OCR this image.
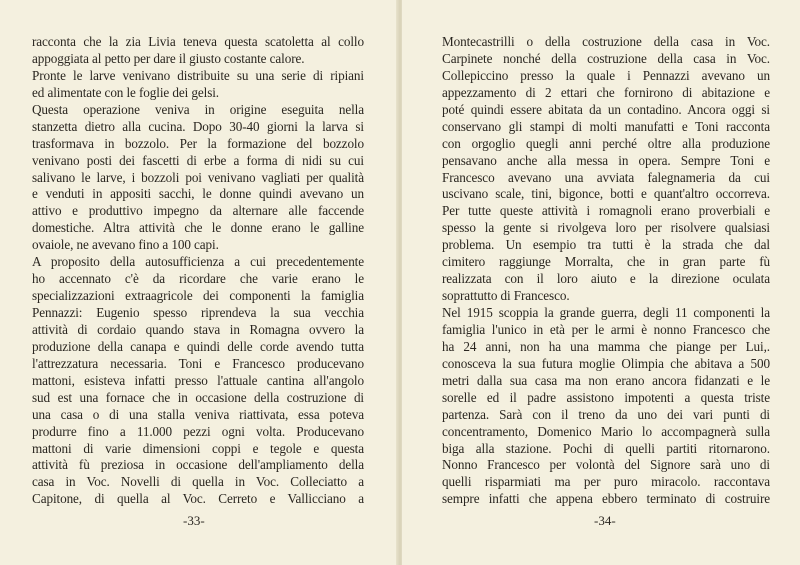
racconta che la zia Livia teneva questa scatoletta al collo
appoggiata al petto per dare il giusto costante calore.
Pronte le larve venivano distribuite su una serie di ripiani
ed alimentate con le foglie dei gelsi.
Questa operazione veniva in origine eseguita nella
stanzetta dietro alla cucina. Dopo 30-40 giorni la larva si
trasformava in bozzolo. Per la formazione del bozzolo
venivano posti dei fascetti di erbe a forma di nidi su cui
salivano le larve, i bozzoli poi venivano vagliati per qualità
e venduti in appositi sacchi, le donne quindi avevano un
attivo e produttivo impegno da alternare alle faccende
domestiche. Altra attività che le donne erano le galline
ovaiole, ne avevano fino a 100 capi.
A proposito della autosufficienza a cui precedentemente
ho accennato c'è da ricordare che varie erano le
specializzazioni extraagricole dei componenti la famiglia
Pennazzi: Eugenio spesso riprendeva la sua vecchia
attività di cordaio quando stava in Romagna ovvero la
produzione della canapa e quindi delle corde avendo tutta
l'attrezzatura necessaria. Toni e Francesco producevano
mattoni, esisteva infatti presso l'attuale cantina all'angolo
sud est una fornace che in occasione della costruzione di
una casa o di una stalla veniva riattivata, essa poteva
produrre fino a 11.000 pezzi ogni volta. Producevano
mattoni di varie dimensioni coppi e tegole e questa
attività fù preziosa in occasione dell'ampliamento della
casa in Voc. Novelli di quella in Voc. Colleciatto a
Capitone, di quella al Voc. Cerreto e Vallicciano a
-33-
Montecastrilli o della costruzione della casa in Voc.
Carpinete nonché della costruzione della casa in Voc.
Collepiccino presso la quale i Pennazzi avevano un
appezzamento di 2 ettari che fornirono di abitazione e
poté quindi essere abitata da un contadino. Ancora oggi si
conservano gli stampi di molti manufatti e Toni racconta
con orgoglio quegli anni perché oltre alla produzione
pensavano anche alla messa in opera. Sempre Toni e
Francesco avevano una avviata falegnameria da cui
uscivano scale, tini, bigonce, botti e quant'altro occorreva.
Per tutte queste attività i romagnoli erano proverbiali e
spesso la gente si rivolgeva loro per risolvere qualsiasi
problema. Un esempio tra tutti è la strada che dal
cimitero raggiunge Morralta, che in gran parte fù
realizzata con il loro aiuto e la direzione oculata
soprattutto di Francesco.
Nel 1915 scoppia la grande guerra, degli 11 componenti la
famiglia l'unico in età per le armi è nonno Francesco che
ha 24 anni, non ha una mamma che piange per Lui,.
conosceva la sua futura moglie Olimpia che abitava a 500
metri dalla sua casa ma non erano ancora fidanzati e le
sorelle ed il padre assistono impotenti a questa triste
partenza. Sarà con il treno da uno dei vari punti di
concentramento, Domenico Mario lo accompagnerà sulla
biga alla stazione. Pochi di quelli partiti ritornarono.
Nonno Francesco per volontà del Signore sarà uno di
quelli risparmiati ma per puro miracolo. raccontava
sempre infatti che appena ebbero terminato di costruire
-34-
